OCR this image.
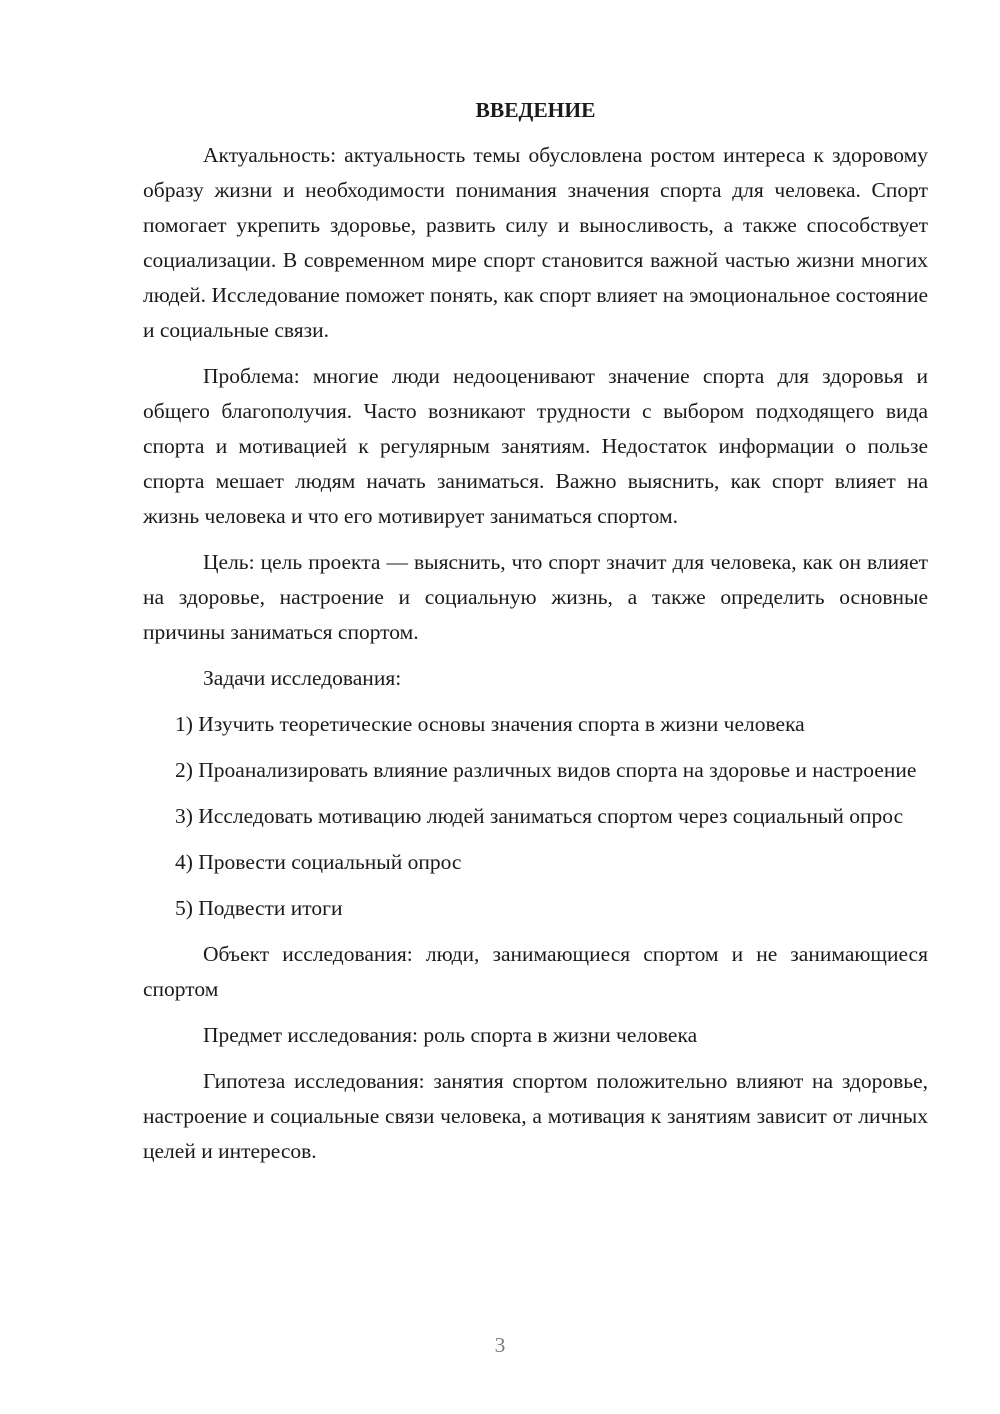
ВВЕДЕНИЕ

Актуальность: актуальность темы обусловлена ростом интереса к здоровому образу жизни и необходимости понимания значения спорта для человека. Спорт помогает укрепить здоровье, развить силу и выносливость, а также способствует социализации. В современном мире спорт становится важной частью жизни многих людей. Исследование поможет понять, как спорт влияет на эмоциональное состояние и социальные связи.

Проблема: многие люди недооценивают значение спорта для здоровья и общего благополучия. Часто возникают трудности с выбором подходящего вида спорта и мотивацией к регулярным занятиям. Недостаток информации о пользе спорта мешает людям начать заниматься. Важно выяснить, как спорт влияет на жизнь человека и что его мотивирует заниматься спортом.

Цель: цель проекта — выяснить, что спорт значит для человека, как он влияет на здоровье, настроение и социальную жизнь, а также определить основные причины заниматься спортом.

Задачи исследования:

1) Изучить теоретические основы значения спорта в жизни человека

2) Проанализировать влияние различных видов спорта на здоровье и настроение

3) Исследовать мотивацию людей заниматься спортом через социальный опрос

4) Провести социальный опрос

5) Подвести итоги

Объект исследования: люди, занимающиеся спортом и не занимающиеся спортом

Предмет исследования: роль спорта в жизни человека

Гипотеза исследования: занятия спортом положительно влияют на здоровье, настроение и социальные связи человека, а мотивация к занятиям зависит от личных целей и интересов.

3
